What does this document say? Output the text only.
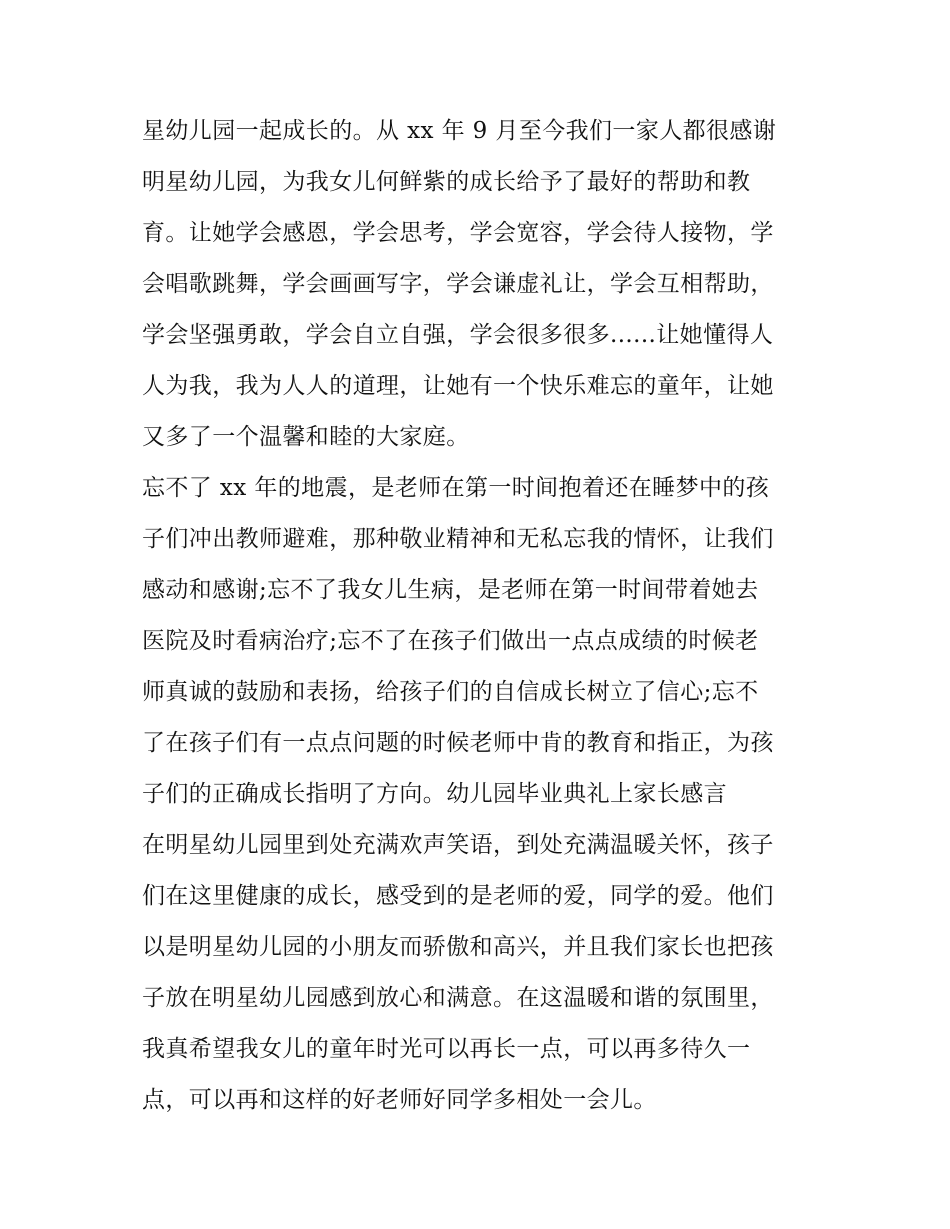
星幼儿园一起成长的。从 xx 年 9 月至今我们一家人都很感谢
明星幼儿园，为我女儿何鲜紫的成长给予了最好的帮助和教
育。让她学会感恩，学会思考，学会宽容，学会待人接物，学
会唱歌跳舞，学会画画写字，学会谦虚礼让，学会互相帮助，
学会坚强勇敢，学会自立自强，学会很多很多......让她懂得人
人为我，我为人人的道理，让她有一个快乐难忘的童年，让她
又多了一个温馨和睦的大家庭。
忘不了 xx 年的地震，是老师在第一时间抱着还在睡梦中的孩
子们冲出教师避难，那种敬业精神和无私忘我的情怀，让我们
感动和感谢;忘不了我女儿生病，是老师在第一时间带着她去
医院及时看病治疗;忘不了在孩子们做出一点点成绩的时候老
师真诚的鼓励和表扬，给孩子们的自信成长树立了信心;忘不
了在孩子们有一点点问题的时候老师中肯的教育和指正，为孩
子们的正确成长指明了方向。幼儿园毕业典礼上家长感言
在明星幼儿园里到处充满欢声笑语，到处充满温暖关怀，孩子
们在这里健康的成长，感受到的是老师的爱，同学的爱。他们
以是明星幼儿园的小朋友而骄傲和高兴，并且我们家长也把孩
子放在明星幼儿园感到放心和满意。在这温暖和谐的氛围里，
我真希望我女儿的童年时光可以再长一点，可以再多待久一
点，可以再和这样的好老师好同学多相处一会儿。
